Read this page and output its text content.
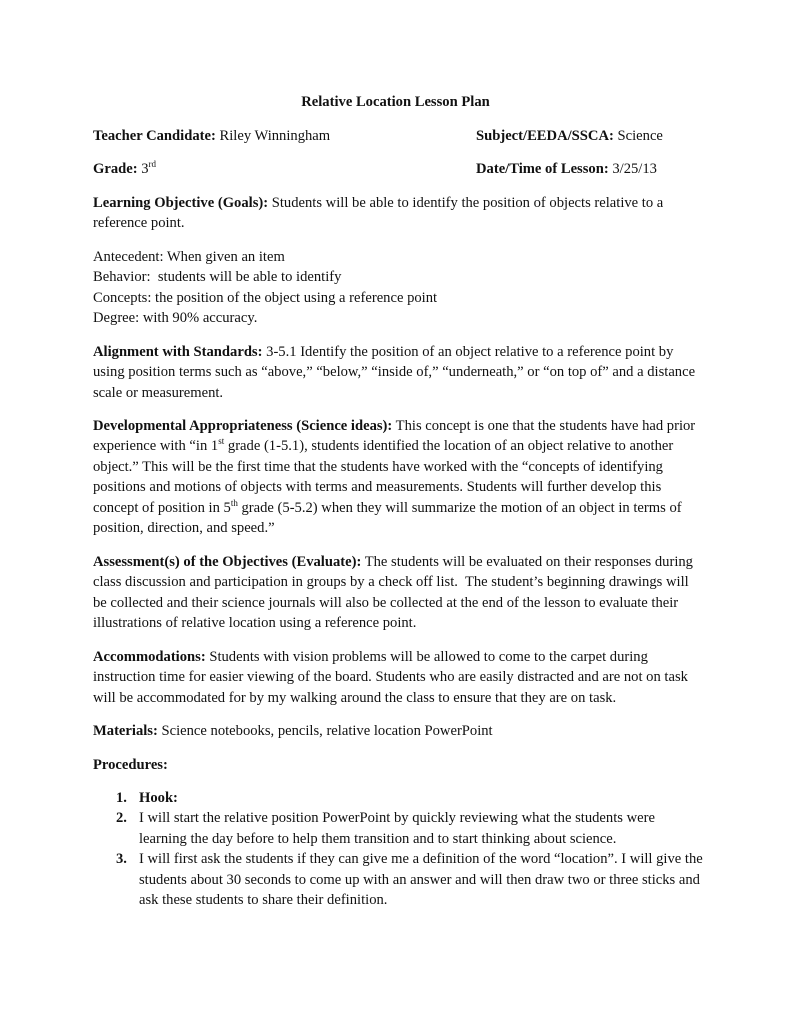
Relative Location Lesson Plan
Teacher Candidate: Riley Winningham	Subject/EEDA/SSCA: Science
Grade: 3rd	Date/Time of Lesson: 3/25/13

Learning Objective (Goals): Students will be able to identify the position of objects relative to a reference point.

Antecedent: When given an item
Behavior:  students will be able to identify
Concepts: the position of the object using a reference point
Degree: with 90% accuracy.

Alignment with Standards: 3-5.1 Identify the position of an object relative to a reference point by using position terms such as “above,” “below,” “inside of,” “underneath,” or “on top of” and a distance scale or measurement.

Developmental Appropriateness (Science ideas): This concept is one that the students have had prior experience with “in 1st grade (1-5.1), students identified the location of an object relative to another object.” This will be the first time that the students have worked with the “concepts of identifying positions and motions of objects with terms and measurements. Students will further develop this concept of position in 5th grade (5-5.2) when they will summarize the motion of an object in terms of position, direction, and speed.”

Assessment(s) of the Objectives (Evaluate): The students will be evaluated on their responses during class discussion and participation in groups by a check off list.  The student’s beginning drawings will be collected and their science journals will also be collected at the end of the lesson to evaluate their illustrations of relative location using a reference point.

Accommodations: Students with vision problems will be allowed to come to the carpet during instruction time for easier viewing of the board. Students who are easily distracted and are not on task will be accommodated for by my walking around the class to ensure that they are on task.

Materials: Science notebooks, pencils, relative location PowerPoint

Procedures:
1. Hook:
2. I will start the relative position PowerPoint by quickly reviewing what the students were learning the day before to help them transition and to start thinking about science.
3. I will first ask the students if they can give me a definition of the word “location”. I will give the students about 30 seconds to come up with an answer and will then draw two or three sticks and ask these students to share their definition.
